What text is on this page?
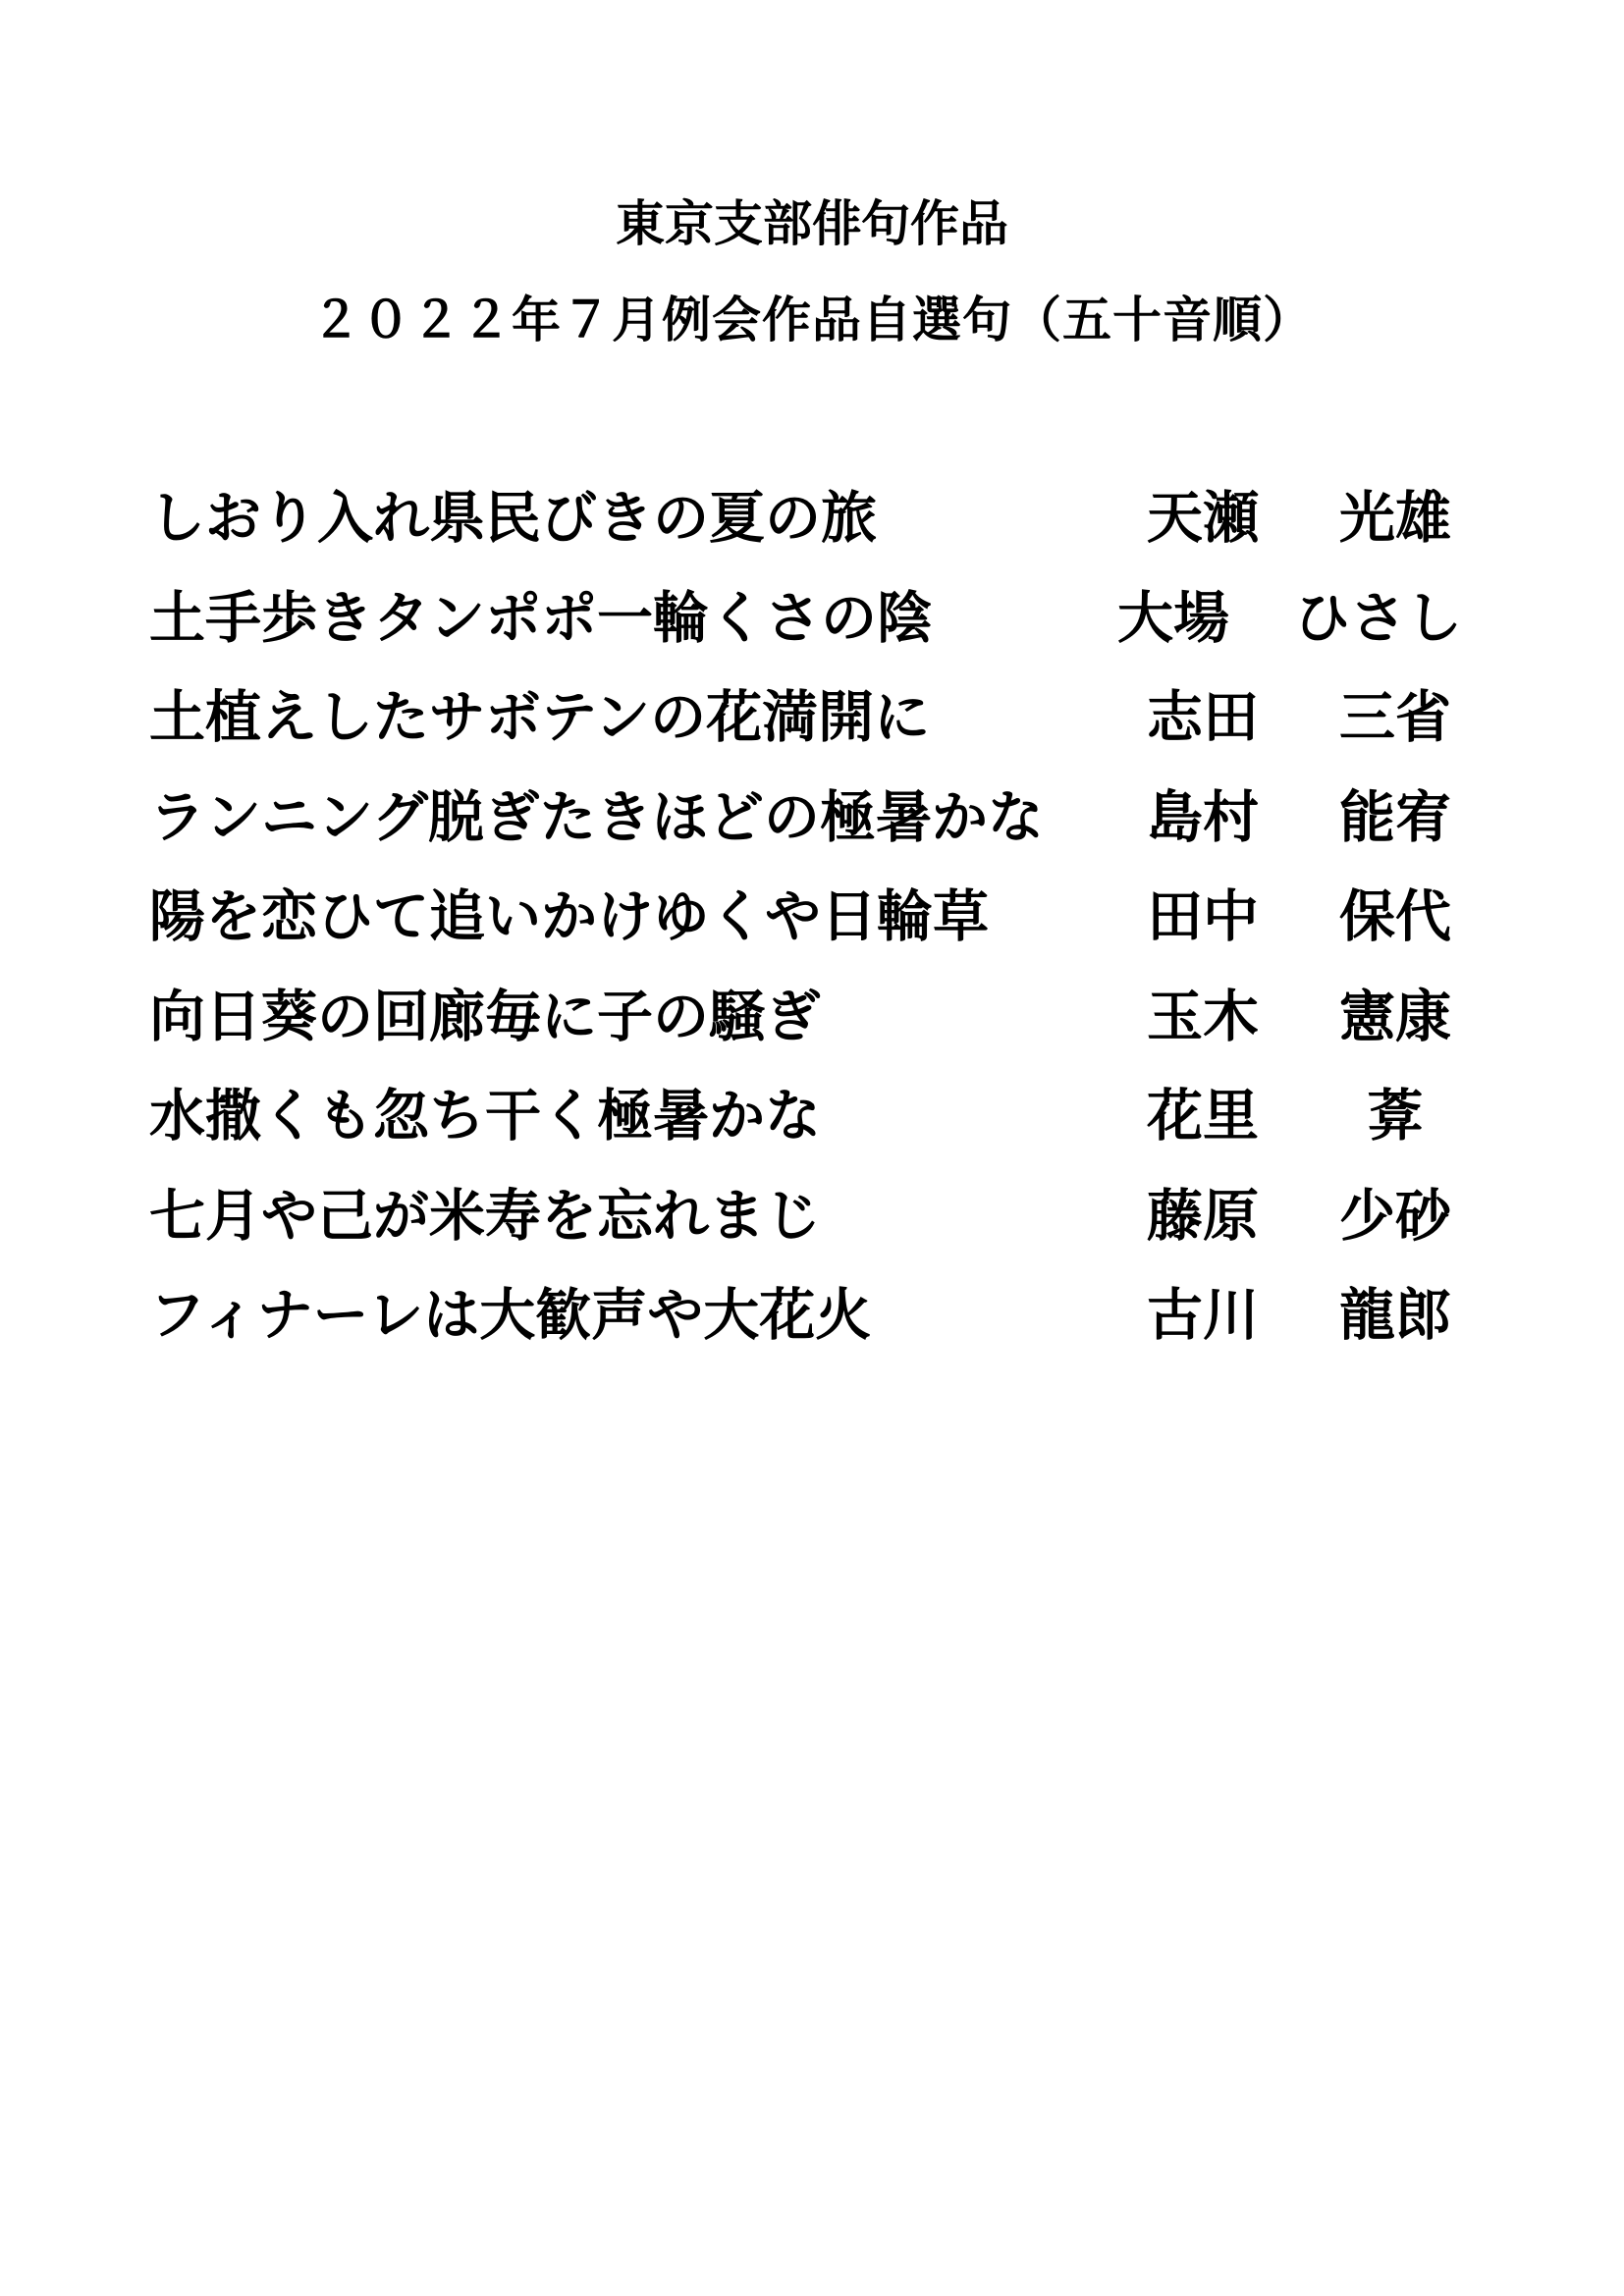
東京支部俳句作品
２０２２年７月例会作品自選句（五十音順）
しおり入れ県民びきの夏の旅	天瀬	光雄
土手歩きタンポポ一輪くさの陰	大場	ひさし
土植えしたサボテンの花満開に	志田	三省
ランニング脱ぎたきほどの極暑かな 島村	能宥
陽を恋ひて追いかけゆくや日輪草	田中	保代
向日葵の回廊毎に子の騒ぎ	玉木	憲康
水撒くも忽ち干く極暑かな	花里	葊
七月や己が米寿を忘れまじ	藤原	少砂
フィナーレは大歓声や大花火	古川	龍郎
